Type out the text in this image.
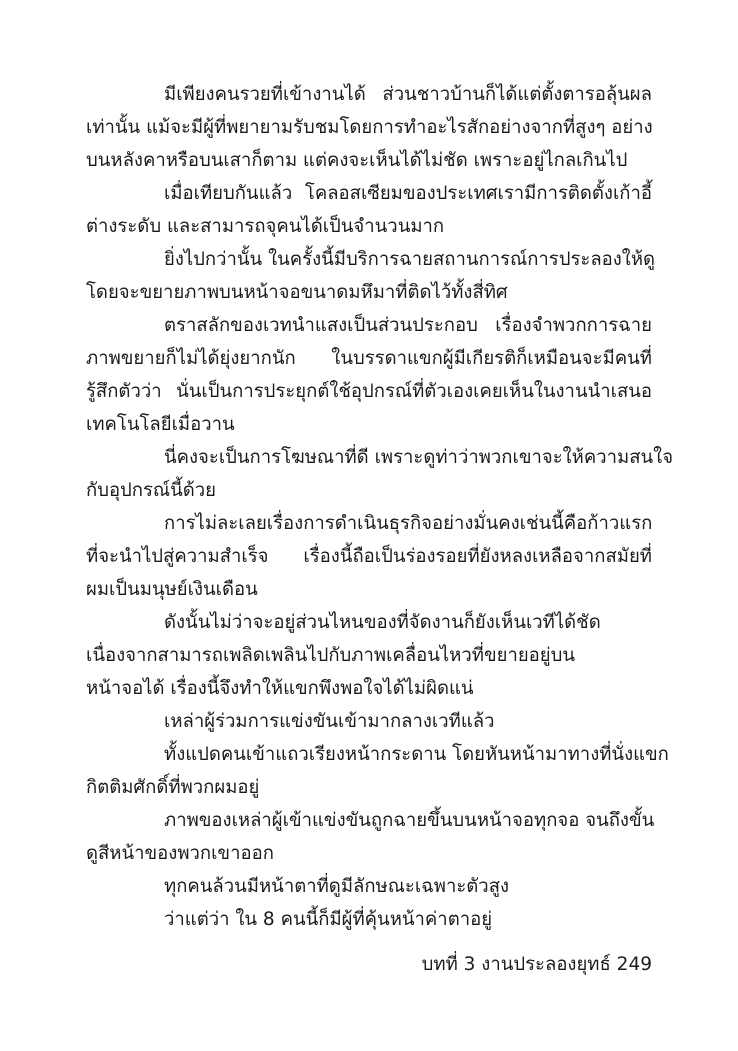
มีเพียงคนรวยที่เข้างานได้ ส่วนชาวบ้านก็ได้แต่ตั้งตารอลุ้นผล
เท่านั้น แม้จะมีผู้ที่พยายามรับชมโดยการทำอะไรสักอย่างจากที่สูงๆ อย่าง
บนหลังคาหรือบนเสาก็ตาม แต่คงจะเห็นได้ไม่ชัด เพราะอยู่ไกลเกินไป
เมื่อเทียบกันแล้ว โคลอสเซียมของประเทศเรามีการติดตั้งเก้าอี้
ต่างระดับ และสามารถจุคนได้เป็นจำนวนมาก
ยิ่งไปกว่านั้น ในครั้งนี้มีบริการฉายสถานการณ์การประลองให้ดู
โดยจะขยายภาพบนหน้าจอขนาดมหึมาที่ติดไว้ทั้งสี่ทิศ
ตราสลักของเวทนำแสงเป็นส่วนประกอบ เรื่องจำพวกการฉาย
ภาพขยายก็ไม่ได้ยุ่งยากนัก ในบรรดาแขกผู้มีเกียรติก็เหมือนจะมีคนที่
รู้สึกตัวว่า นั่นเป็นการประยุกต์ใช้อุปกรณ์ที่ตัวเองเคยเห็นในงานนำเสนอ
เทคโนโลยีเมื่อวาน
นี่คงจะเป็นการโฆษณาที่ดี เพราะดูท่าว่าพวกเขาจะให้ความสนใจ
กับอุปกรณ์นี้ด้วย
การไม่ละเลยเรื่องการดำเนินธุรกิจอย่างมั่นคงเช่นนี้คือก้าวแรก
ที่จะนำไปสู่ความสำเร็จ เรื่องนี้ถือเป็นร่องรอยที่ยังหลงเหลือจากสมัยที่
ผมเป็นมนุษย์เงินเดือน
ดังนั้นไม่ว่าจะอยู่ส่วนไหนของที่จัดงานก็ยังเห็นเวทีได้ชัด
เนื่องจากสามารถเพลิดเพลินไปกับภาพเคลื่อนไหวที่ขยายอยู่บน
หน้าจอได้ เรื่องนี้จึงทำให้แขกพึงพอใจได้ไม่ผิดแน่
เหล่าผู้ร่วมการแข่งขันเข้ามากลางเวทีแล้ว
ทั้งแปดคนเข้าแถวเรียงหน้ากระดาน โดยหันหน้ามาทางที่นั่งแขก
กิตติมศักดิ์ที่พวกผมอยู่
ภาพของเหล่าผู้เข้าแข่งขันถูกฉายขึ้นบนหน้าจอทุกจอ จนถึงขั้น
ดูสีหน้าของพวกเขาออก
ทุกคนล้วนมีหน้าตาที่ดูมีลักษณะเฉพาะตัวสูง
ว่าแต่ว่า ใน 8 คนนี้ก็มีผู้ที่คุ้นหน้าค่าตาอยู่
บทที่ 3 งานประลองยุทธ์ 249
